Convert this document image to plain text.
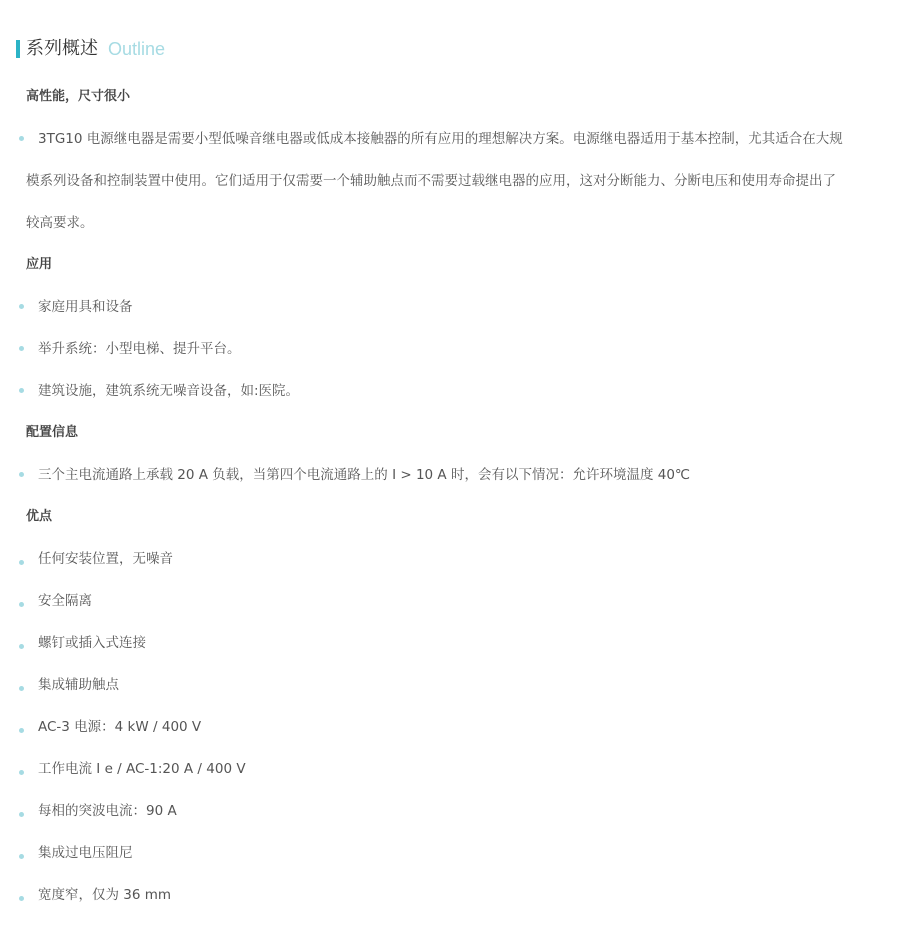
系列概述 Outline
高性能，尺寸很小
3TG10 电源继电器是需要小型低噪音继电器或低成本接触器的所有应用的理想解决方案。电源继电器适用于基本控制，尤其适合在大规模系列设备和控制装置中使用。它们适用于仅需要一个辅助触点而不需要过载继电器的应用，这对分断能力、分断电压和使用寿命提出了较高要求。
应用
家庭用具和设备
举升系统：小型电梯、提升平台。
建筑设施，建筑系统无噪音设备，如:医院。
配置信息
三个主电流通路上承载 20 A 负载，当第四个电流通路上的 I > 10 A 时，会有以下情况：允许环境温度 40℃
优点
任何安装位置，无噪音
安全隔离
螺钉或插入式连接
集成辅助触点
AC-3 电源：4 kW / 400 V
工作电流 I e / AC-1:20 A / 400 V
每相的突波电流：90 A
集成过电压阻尼
宽度窄，仅为 36 mm
